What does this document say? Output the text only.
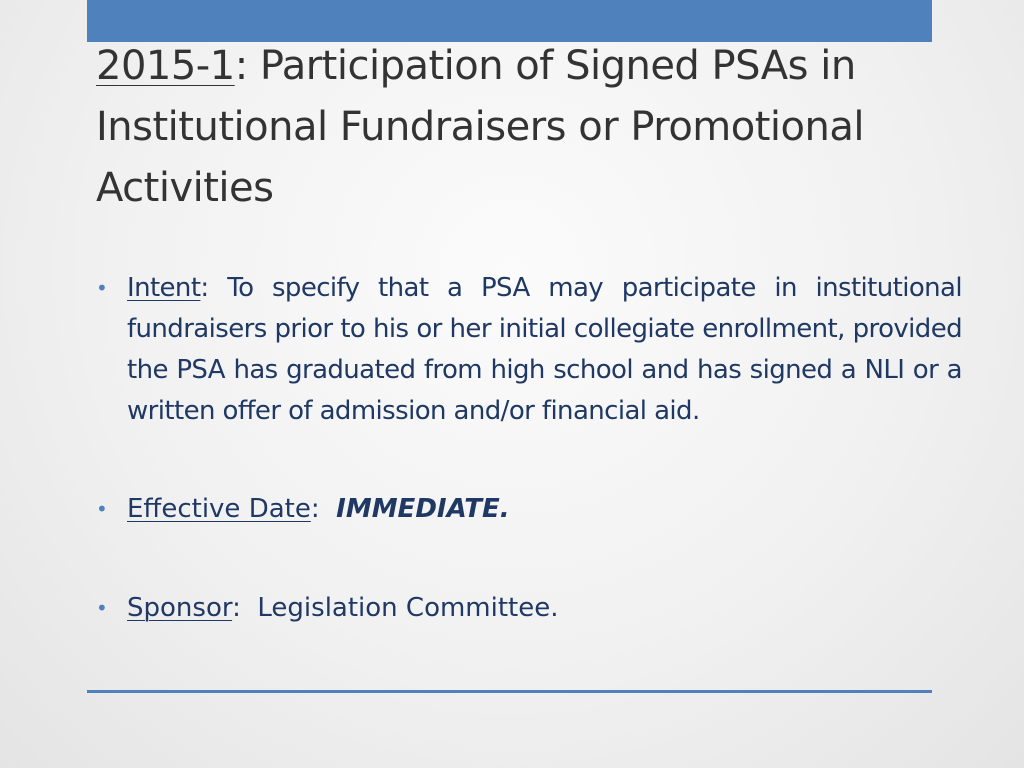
2015-1: Participation of Signed PSAs in Institutional Fundraisers or Promotional Activities
• Intent: To specify that a PSA may participate in institutional fundraisers prior to his or her initial collegiate enrollment, provided the PSA has graduated from high school and has signed a NLI or a written offer of admission and/or financial aid.
• Effective Date: IMMEDIATE.
• Sponsor: Legislation Committee.
